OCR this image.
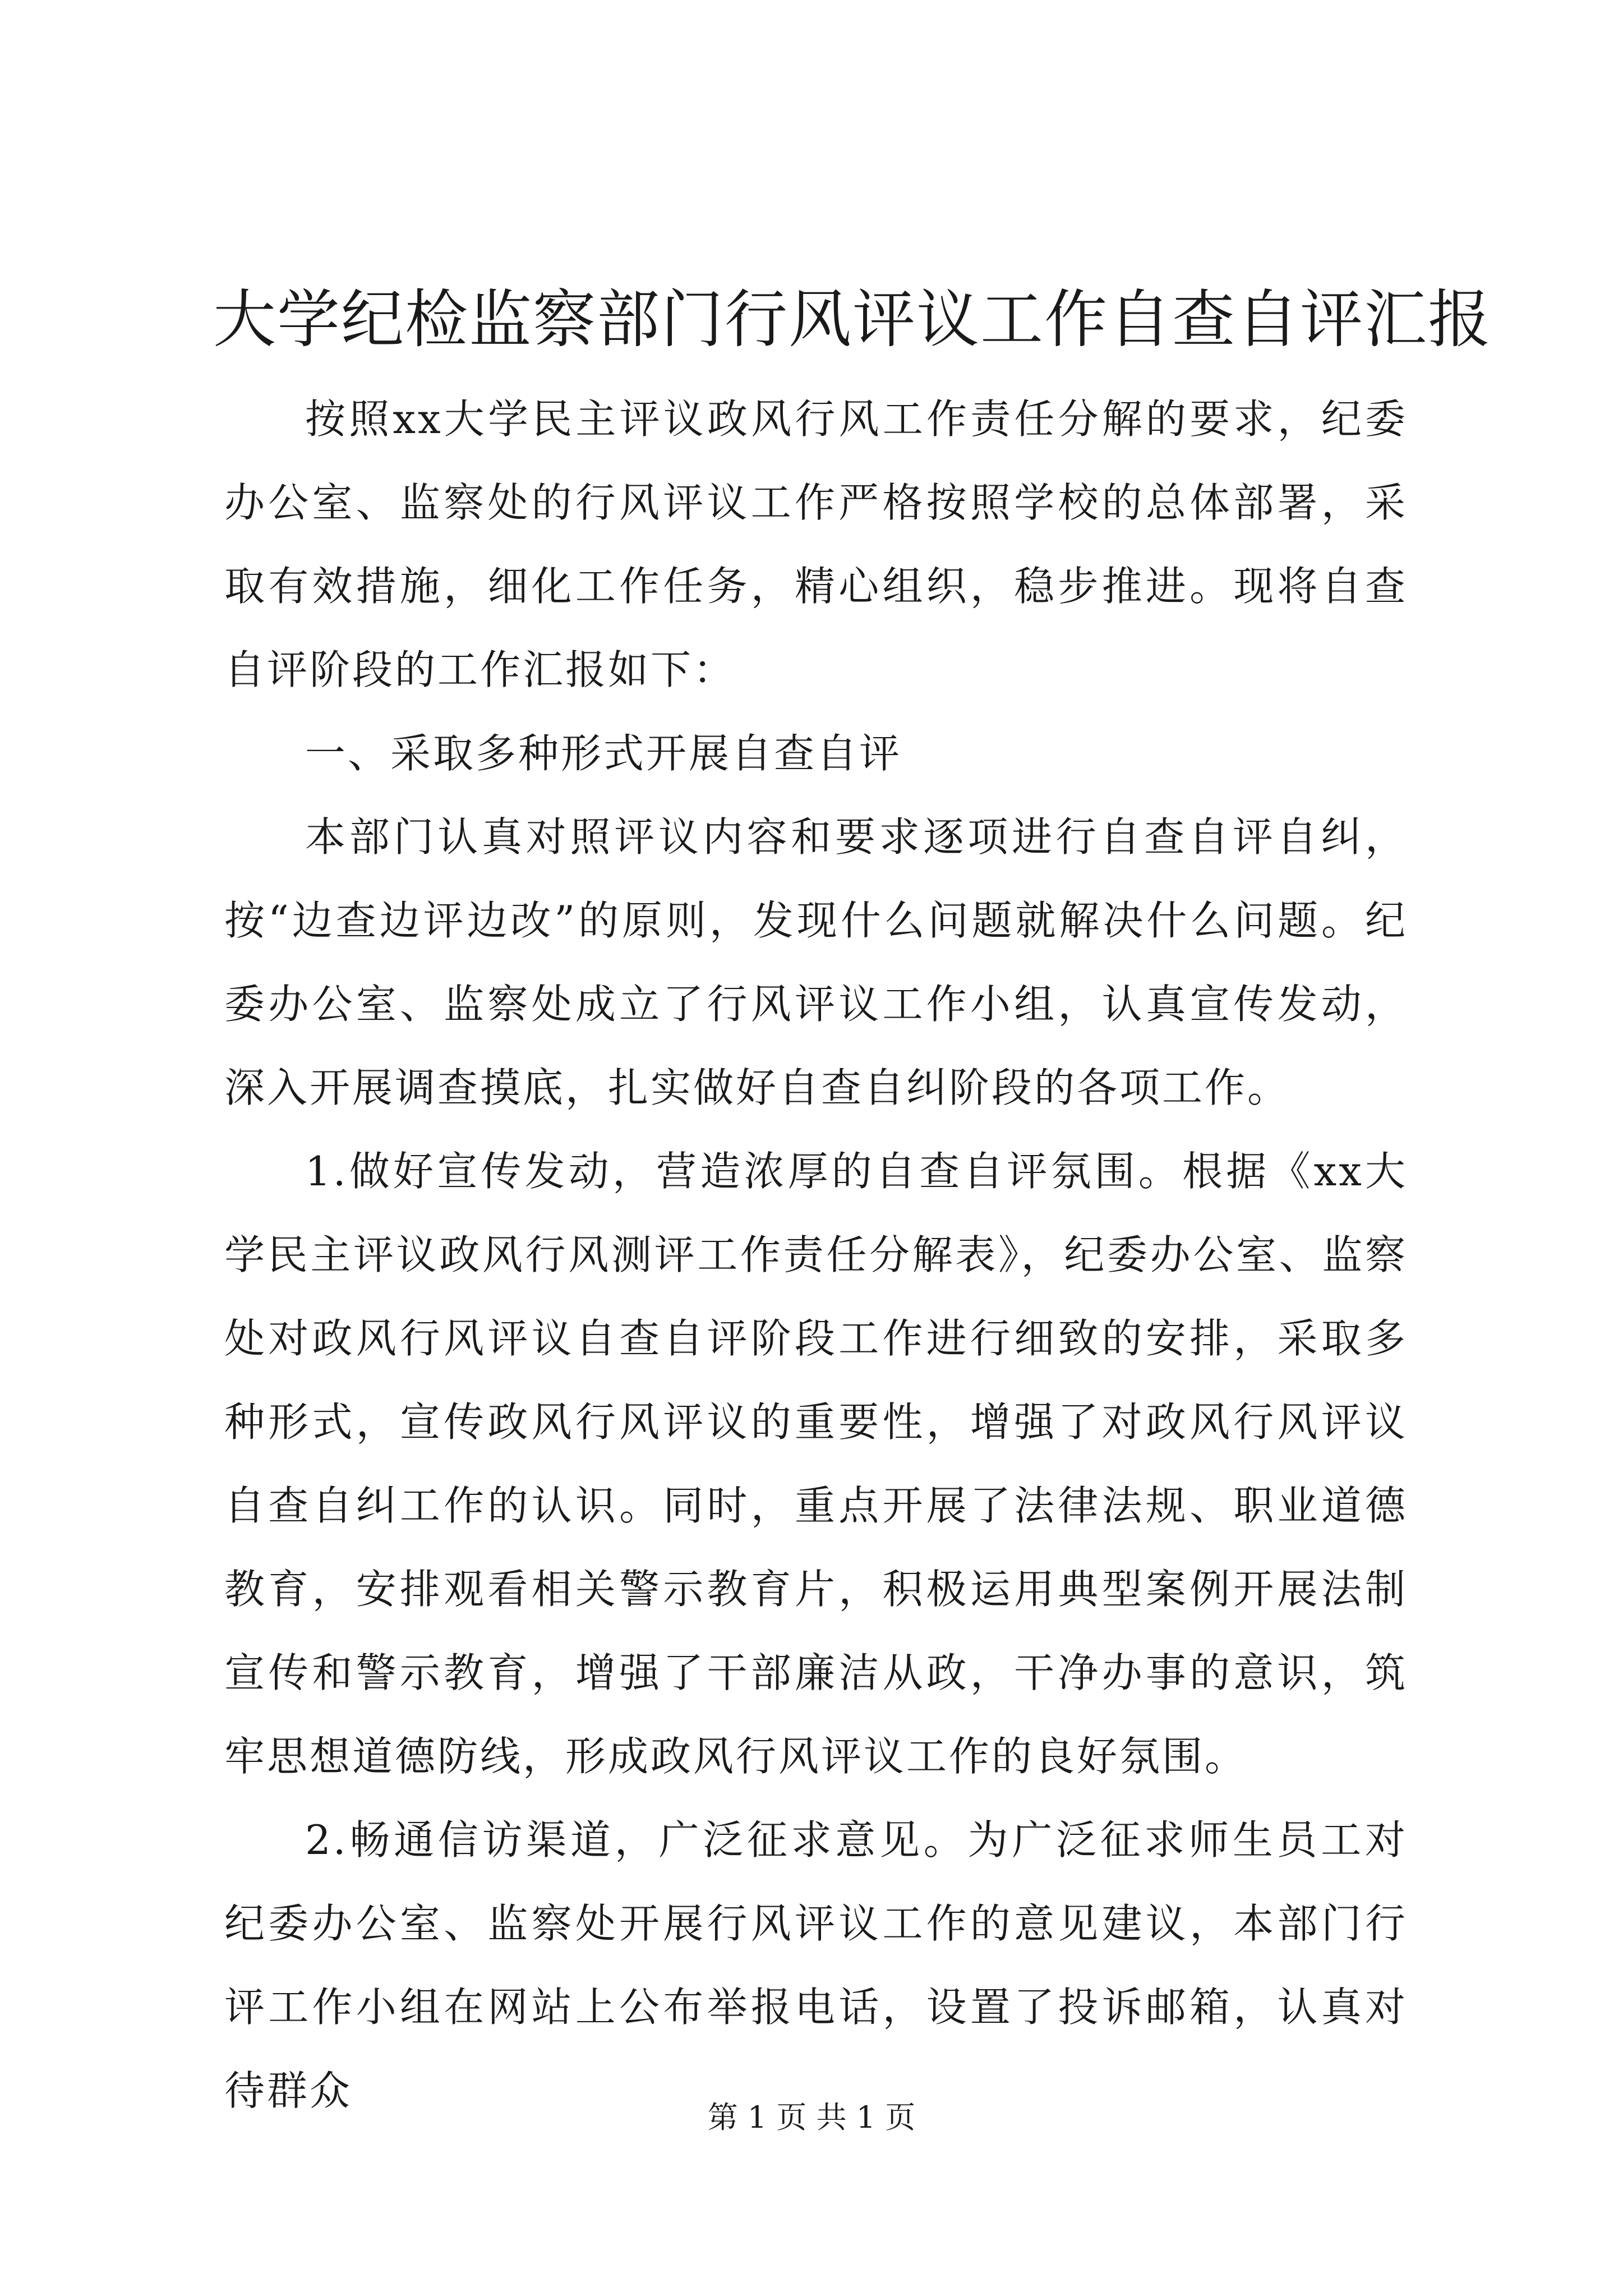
大学纪检监察部门行风评议工作自查自评汇报

按照xx大学民主评议政风行风工作责任分解的要求，纪委办公室、监察处的行风评议工作严格按照学校的总体部署，采取有效措施，细化工作任务，精心组织，稳步推进。现将自查自评阶段的工作汇报如下：

一、采取多种形式开展自查自评

本部门认真对照评议内容和要求逐项进行自查自评自纠，按“边查边评边改”的原则，发现什么问题就解决什么问题。纪委办公室、监察处成立了行风评议工作小组，认真宣传发动，深入开展调查摸底，扎实做好自查自纠阶段的各项工作。

1.做好宣传发动，营造浓厚的自查自评氛围。根据《xx大学民主评议政风行风测评工作责任分解表》，纪委办公室、监察处对政风行风评议自查自评阶段工作进行细致的安排，采取多种形式，宣传政风行风评议的重要性，增强了对政风行风评议自查自纠工作的认识。同时，重点开展了法律法规、职业道德教育，安排观看相关警示教育片，积极运用典型案例开展法制宣传和警示教育，增强了干部廉洁从政，干净办事的意识，筑牢思想道德防线，形成政风行风评议工作的良好氛围。

2.畅通信访渠道，广泛征求意见。为广泛征求师生员工对纪委办公室、监察处开展行风评议工作的意见建议，本部门行评工作小组在网站上公布举报电话，设置了投诉邮箱，认真对待群众

第 1 页 共 1 页
